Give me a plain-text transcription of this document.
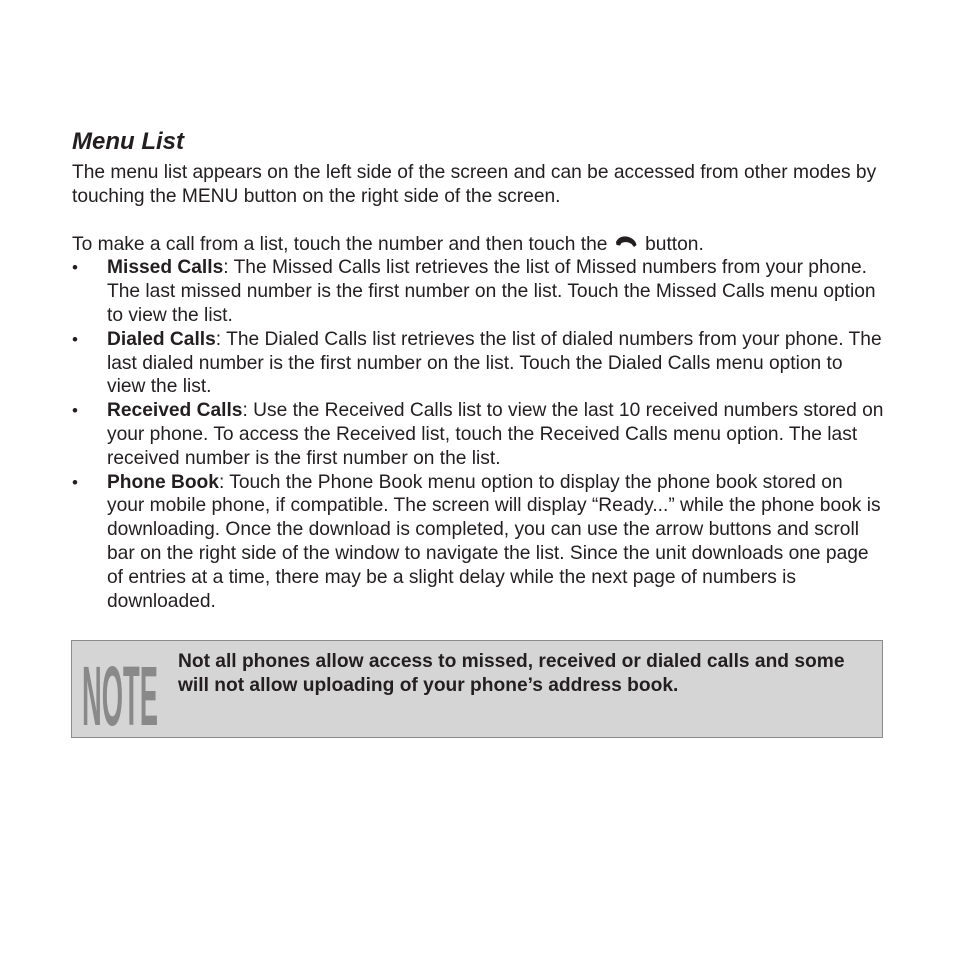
Menu List

The menu list appears on the left side of the screen and can be accessed from other modes by touching the MENU button on the right side of the screen.

To make a call from a list, touch the number and then touch the button.

• Missed Calls: The Missed Calls list retrieves the list of Missed numbers from your phone. The last missed number is the first number on the list. Touch the Missed Calls menu option to view the list.
• Dialed Calls: The Dialed Calls list retrieves the list of dialed numbers from your phone. The last dialed number is the first number on the list. Touch the Dialed Calls menu option to view the list.
• Received Calls: Use the Received Calls list to view the last 10 received numbers stored on your phone. To access the Received list, touch the Received Calls menu option. The last received number is the first number on the list.
• Phone Book: Touch the Phone Book menu option to display the phone book stored on your mobile phone, if compatible. The screen will display “Ready...” while the phone book is downloading. Once the download is completed, you can use the arrow buttons and scroll bar on the right side of the window to navigate the list. Since the unit downloads one page of entries at a time, there may be a slight delay while the next page of numbers is downloaded.
NOTE Not all phones allow access to missed, received or dialed calls and some will not allow uploading of your phone’s address book.
